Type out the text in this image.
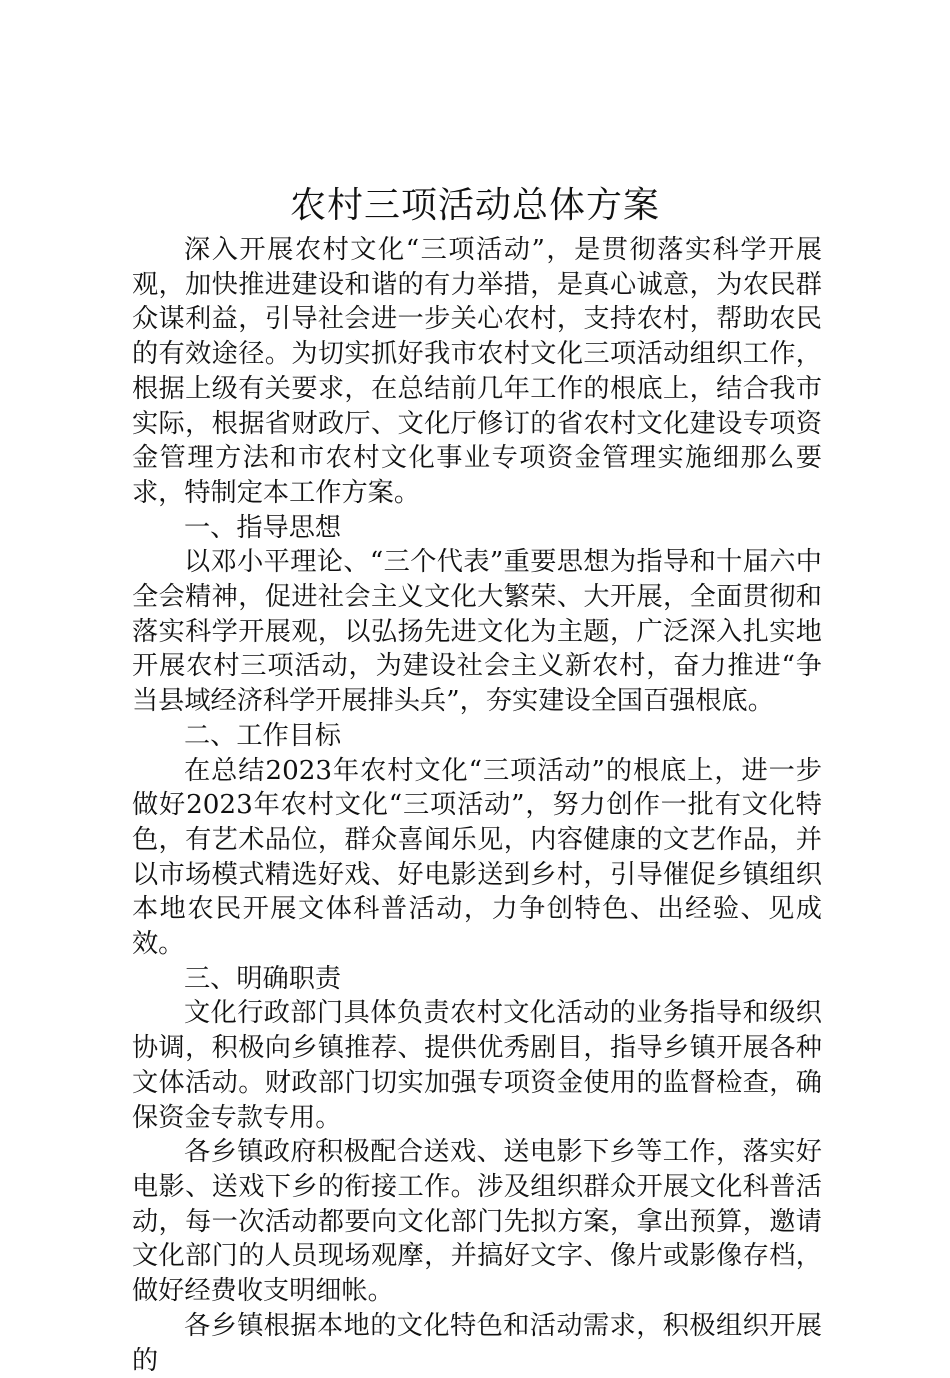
农村三项活动总体方案

深入开展农村文化“三项活动”，是贯彻落实科学开展观，加快推进建设和谐的有力举措，是真心诚意，为农民群众谋利益，引导社会进一步关心农村，支持农村，帮助农民的有效途径。为切实抓好我市农村文化三项活动组织工作，根据上级有关要求，在总结前几年工作的根底上，结合我市实际，根据省财政厅、文化厅修订的省农村文化建设专项资金管理方法和市农村文化事业专项资金管理实施细那么要求，特制定本工作方案。

一、指导思想

以邓小平理论、“三个代表”重要思想为指导和十届六中全会精神，促进社会主义文化大繁荣、大开展，全面贯彻和落实科学开展观，以弘扬先进文化为主题，广泛深入扎实地开展农村三项活动，为建设社会主义新农村，奋力推进“争当县域经济科学开展排头兵”，夯实建设全国百强根底。

二、工作目标

在总结2023年农村文化“三项活动”的根底上，进一步做好2023年农村文化“三项活动”，努力创作一批有文化特色，有艺术品位，群众喜闻乐见，内容健康的文艺作品，并以市场模式精选好戏、好电影送到乡村，引导催促乡镇组织本地农民开展文体科普活动，力争创特色、出经验、见成效。

三、明确职责

文化行政部门具体负责农村文化活动的业务指导和级织协调，积极向乡镇推荐、提供优秀剧目，指导乡镇开展各种文体活动。财政部门切实加强专项资金使用的监督检查，确保资金专款专用。

各乡镇政府积极配合送戏、送电影下乡等工作，落实好电影、送戏下乡的衔接工作。涉及组织群众开展文化科普活动，每一次活动都要向文化部门先拟方案，拿出预算，邀请文化部门的人员现场观摩，并搞好文字、像片或影像存档，做好经费收支明细帐。

各乡镇根据本地的文化特色和活动需求，积极组织开展的
